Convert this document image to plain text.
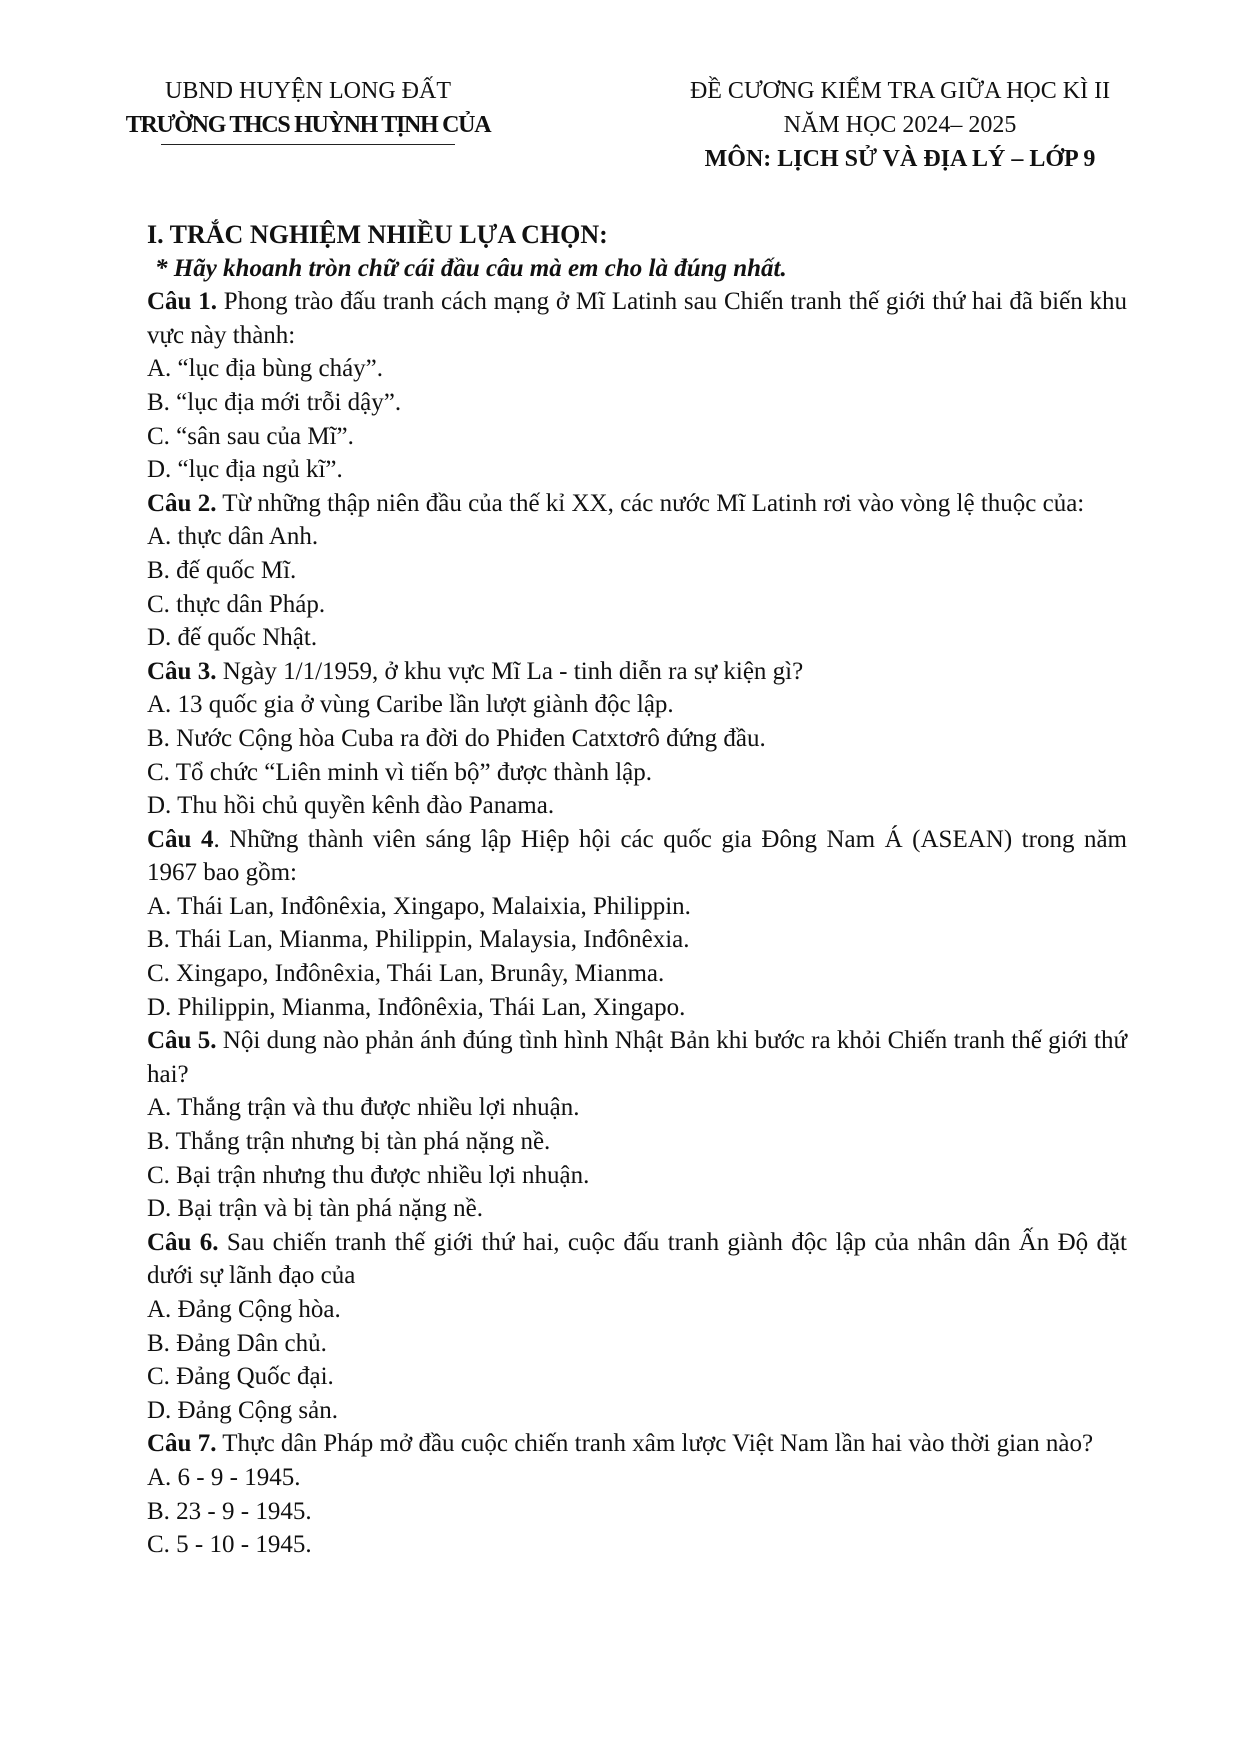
UBND HUYỆN LONG ĐẤT
TRƯỜNG THCS HUỲNH TỊNH CỦA
ĐỀ CƯƠNG KIỂM TRA GIỮA HỌC KÌ II
NĂM HỌC 2024– 2025
MÔN: LỊCH SỬ VÀ ĐỊA LÝ – LỚP 9
I. TRẮC NGHIỆM NHIỀU LỰA CHỌN:
* Hãy khoanh tròn chữ cái đầu câu mà em cho là đúng nhất.
Câu 1. Phong trào đấu tranh cách mạng ở Mĩ Latinh sau Chiến tranh thế giới thứ hai đã biến khu vực này thành:
A. “lục địa bùng cháy”.
B. “lục địa mới trỗi dậy”.
C. “sân sau của Mĩ”.
D. “lục địa ngủ kĩ”.
Câu 2. Từ những thập niên đầu của thế kỉ XX, các nước Mĩ Latinh rơi vào vòng lệ thuộc của:
A. thực dân Anh.
B. đế quốc Mĩ.
C. thực dân Pháp.
D. đế quốc Nhật.
Câu 3. Ngày 1/1/1959, ở khu vực Mĩ La - tinh diễn ra sự kiện gì?
A. 13 quốc gia ở vùng Caribe lần lượt giành độc lập.
B. Nước Cộng hòa Cuba ra đời do Phiđen Catxtơrô đứng đầu.
C. Tổ chức “Liên minh vì tiến bộ” được thành lập.
D. Thu hồi chủ quyền kênh đào Panama.
Câu 4. Những thành viên sáng lập Hiệp hội các quốc gia Đông Nam Á (ASEAN) trong năm 1967 bao gồm:
A. Thái Lan, Inđônêxia, Xingapo, Malaixia, Philippin.
B. Thái Lan, Mianma, Philippin, Malaysia, Inđônêxia.
C. Xingapo, Inđônêxia, Thái Lan, Brunây, Mianma.
D. Philippin, Mianma, Inđônêxia, Thái Lan, Xingapo.
Câu 5. Nội dung nào phản ánh đúng tình hình Nhật Bản khi bước ra khỏi Chiến tranh thế giới thứ hai?
A. Thắng trận và thu được nhiều lợi nhuận.
B. Thắng trận nhưng bị tàn phá nặng nề.
C. Bại trận nhưng thu được nhiều lợi nhuận.
D. Bại trận và bị tàn phá nặng nề.
Câu 6. Sau chiến tranh thế giới thứ hai, cuộc đấu tranh giành độc lập của nhân dân Ấn Độ đặt dưới sự lãnh đạo của
A. Đảng Cộng hòa.
B. Đảng Dân chủ.
C. Đảng Quốc đại.
D. Đảng Cộng sản.
Câu 7. Thực dân Pháp mở đầu cuộc chiến tranh xâm lược Việt Nam lần hai vào thời gian nào?
A. 6 - 9 - 1945.
B. 23 - 9 - 1945.
C. 5 - 10 - 1945.
